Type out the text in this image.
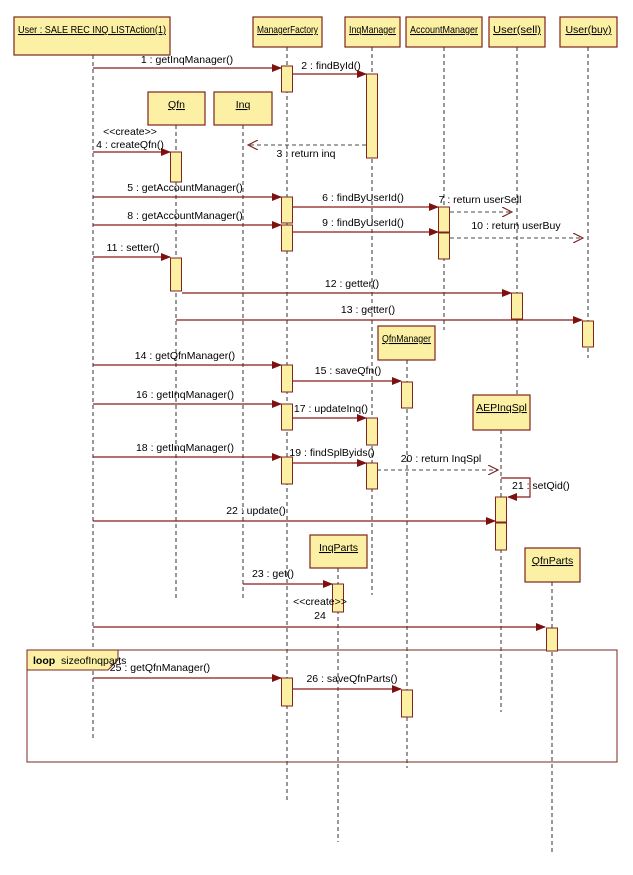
loop sizeofInqparts
User : SALE REC INQ LISTAction(1)	ManagerFactory	InqManager AccountManager User(sell) User(buy)
Qfn	Inq
QfnManager
AEPInqSpl
InqParts
QfnParts
1 : getInqManager()	2 : findById()
3 : return inq
<<create>>
4 : createQfn()
5 : getAccountManager()
6 : findByUserId()	7 : return userSell
8 : getAccountManager()
9 : findByUserId()	10 : return userBuy
11 : setter()
12 : getter()
13 : getter()
14 : getQfnManager()
15 : saveQfn()
16 : getInqManager()
17 : updateInq()
18 : getInqManager()	19 : findSplByids() 20 : return InqSpl
21 : setQid()
22 : update()
23 : get()
<<create>>
24
25 : getQfnManager()
26 : saveQfnParts()
